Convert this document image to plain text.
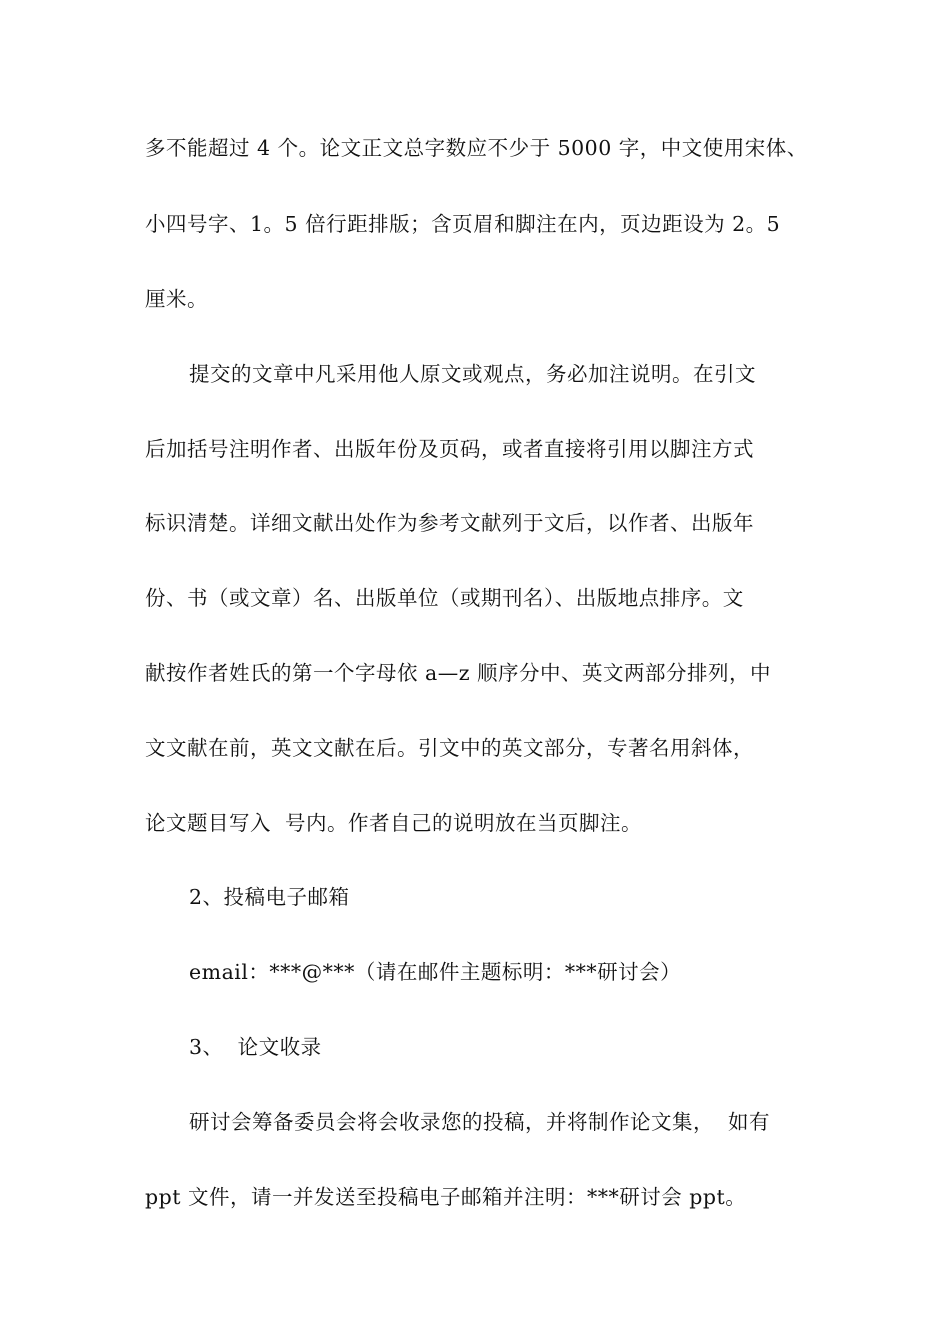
多不能超过 4 个。论文正文总字数应不少于 5000 字，中文使用宋体、
小四号字、1。5 倍行距排版；含页眉和脚注在内，页边距设为 2。5
厘米。
提交的文章中凡采用他人原文或观点，务必加注说明。在引文
后加括号注明作者、出版年份及页码，或者直接将引用以脚注方式
标识清楚。详细文献出处作为参考文献列于文后，以作者、出版年
份、书（或文章）名、出版单位（或期刊名）、出版地点排序。文
献按作者姓氏的第一个字母依 a—z 顺序分中、英文两部分排列，中
文文献在前，英文文献在后。引文中的英文部分，专著名用斜体，
论文题目写入  号内。作者自己的说明放在当页脚注。
2、投稿电子邮箱
email：***@***（请在邮件主题标明：***研讨会）
3、  论文收录
研讨会筹备委员会将会收录您的投稿，并将制作论文集，  如有
ppt 文件，请一并发送至投稿电子邮箱并注明：***研讨会 ppt。
